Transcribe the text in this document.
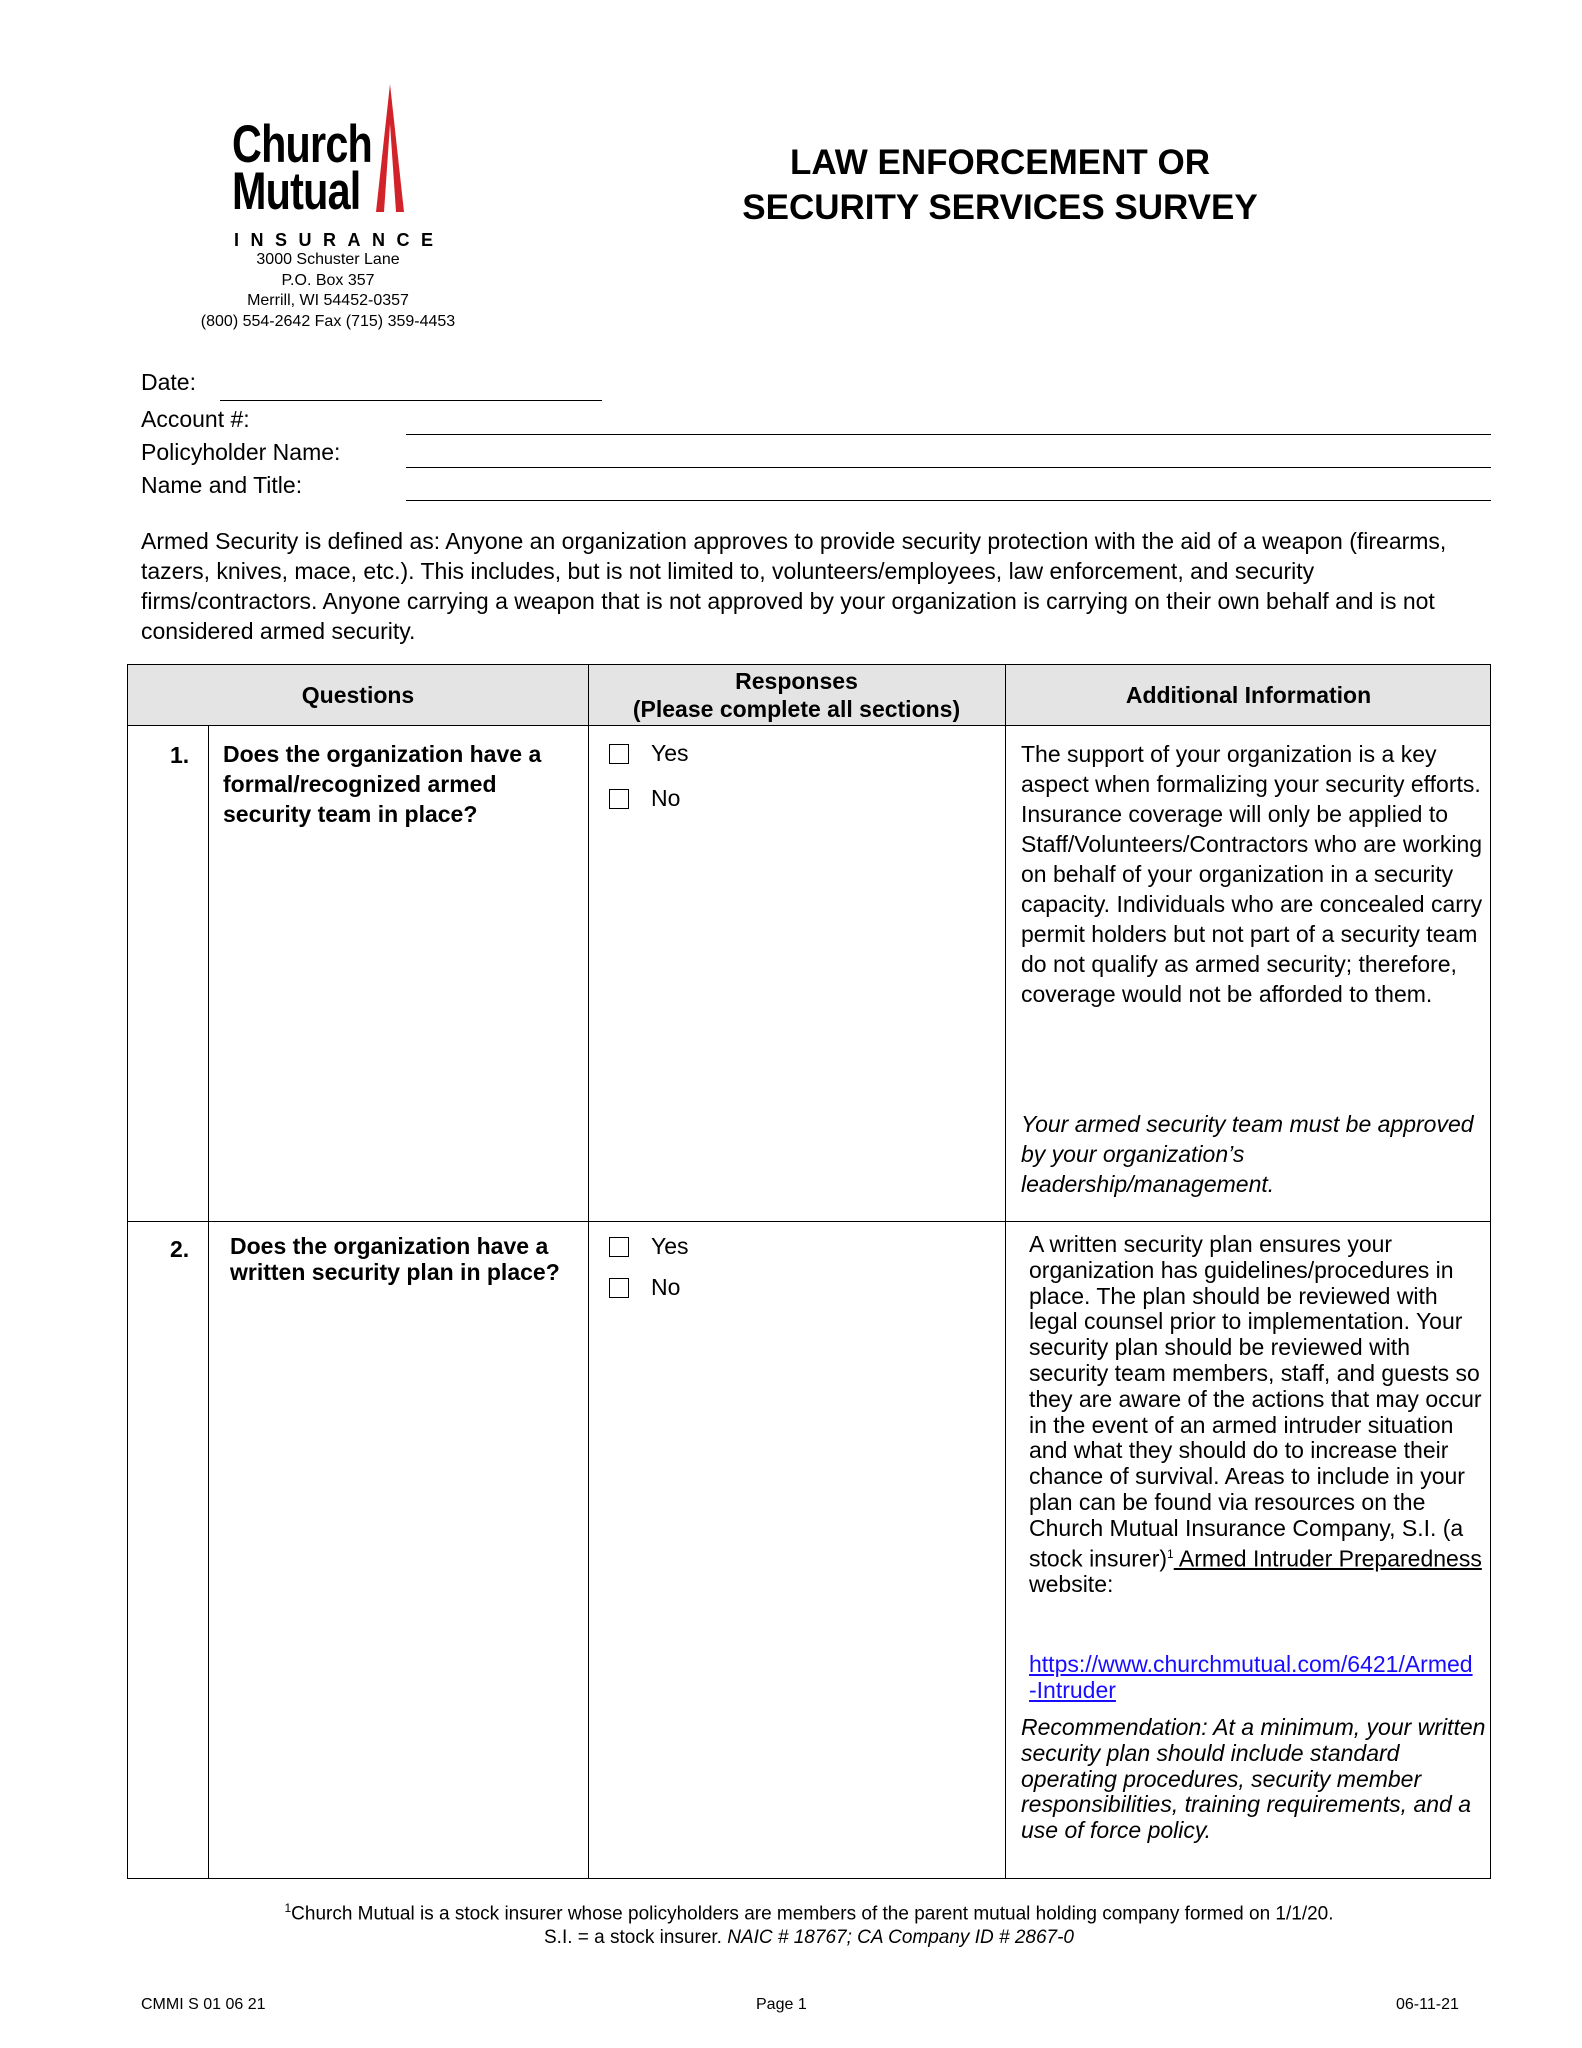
Church
Mutual
INSURANCE
3000 Schuster Lane
P.O. Box 357
Merrill, WI 54452-0357
(800) 554-2642 Fax (715) 359-4453
LAW ENFORCEMENT OR
SECURITY SERVICES SURVEY
Date:
Account #:
Policyholder Name:
Name and Title:
Armed Security is defined as: Anyone an organization approves to provide security protection with the aid of a weapon (firearms, tazers, knives, mace, etc.). This includes, but is not limited to, volunteers/employees, law enforcement, and security firms/contractors. Anyone carrying a weapon that is not approved by your organization is carrying on their own behalf and is not considered armed security.
Questions
Responses
(Please complete all sections)
Additional Information
1. Does the organization have a formal/recognized armed security team in place?
Yes
No
The support of your organization is a key aspect when formalizing your security efforts. Insurance coverage will only be applied to Staff/Volunteers/Contractors who are working on behalf of your organization in a security capacity. Individuals who are concealed carry permit holders but not part of a security team do not qualify as armed security; therefore, coverage would not be afforded to them.
Your armed security team must be approved by your organization’s leadership/management.
2. Does the organization have a written security plan in place?
Yes
No
A written security plan ensures your organization has guidelines/procedures in place. The plan should be reviewed with legal counsel prior to implementation. Your security plan should be reviewed with security team members, staff, and guests so they are aware of the actions that may occur in the event of an armed intruder situation and what they should do to increase their chance of survival. Areas to include in your plan can be found via resources on the Church Mutual Insurance Company, S.I. (a stock insurer)$^1$ Armed Intruder Preparedness website:
https://www.churchmutual.com/6421/Armed-Intruder
Recommendation: At a minimum, your written security plan should include standard operating procedures, security member responsibilities, training requirements, and a use of force policy.
$^1$Church Mutual is a stock insurer whose policyholders are members of the parent mutual holding company formed on 1/1/20.
S.I. = a stock insurer. NAIC # 18767; CA Company ID # 2867-0
CMMI S 01 06 21	Page 1	06-11-21
